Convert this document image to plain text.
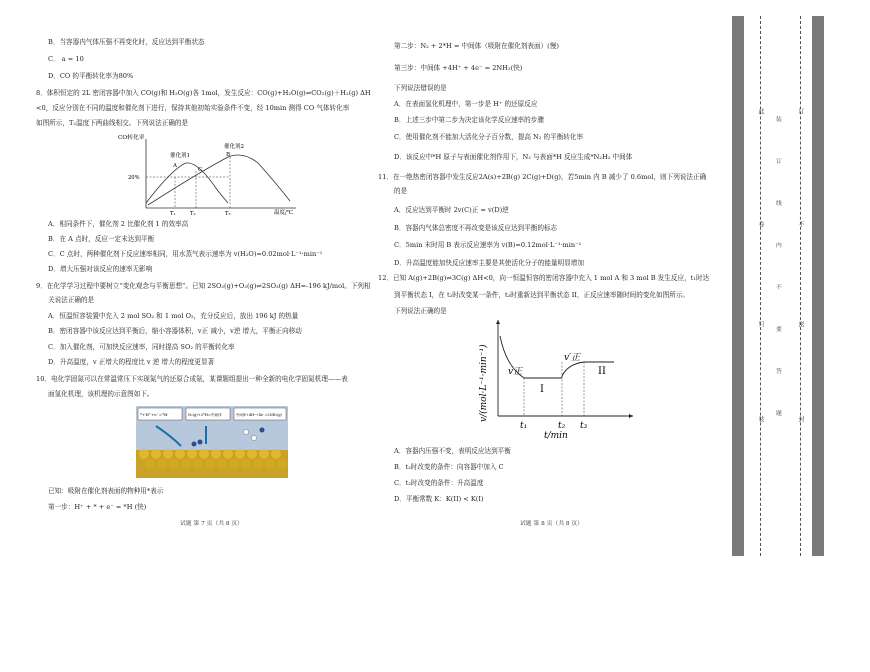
B．当容器内气体压强不再变化时，反应达到平衡状态
C． a = 10
D．CO 的平衡转化率为80%
8．体积恒定的 2L 密闭容器中加入 CO(g)和 H₂O(g)各 1mol，发生反应：CO(g)+H₂O(g)⇌CO₂(g)＋H₂(g) ΔH
<0，反应分别在不同的温度和催化剂下进行，保持其他初始实验条件不变，经 10min 测得 CO 气体转化率
如图所示，T₂温度下两曲线相交。下列说法正确的是
CO转化率
温度/℃
催化剂1
催化剂2
A
B
C
20%
T₁	T₂	T₃
A．相同条件下，催化剂 2 比催化剂 1 的效率高
B．在 A 点时，反应一定未达到平衡
C．C 点时，两种催化剂下反应速率相同，用水蒸气表示速率为 v(H₂O)=0.02mol·L⁻¹·min⁻¹
D．增大压强对该反应的速率无影响
9．在化学学习过程中要树立“变化观念与平衡思想”。已知 2SO₂(g)+O₂(g)⇌2SO₃(g) ΔH=-196 kJ/mol。下列相
关说法正确的是
A．恒温恒容装置中充入 2 mol SO₂ 和 1 mol O₂，充分反应后，放出 196 kJ 的热量
B．密闭容器中该反应达到平衡后，缩小容器体积，v正 减小，v逆 增大，平衡正向移动
C．加入催化剂，可加快反应速率，同时提高 SO₂ 的平衡转化率
D．升高温度，v 正增大的程度比 v 逆 增大的程度更显著
10．电化学固氮可以在常温常压下实现氮气的还原合成氨，某课题组提出一种全新的电化学固氮机理——表
面氢化机理，该机理的示意图如下。
*+H⁺+e⁻=*H	N₂(g)+2*H=中间体	中间体+4H⁺+4e⁻=2NH₃(g)
已知：吸附在催化剂表面的物种用*表示
第一步：H⁺ + * + e⁻ = *H (快)
试题 第 7 页（共 8 页）
第二步：N₂ + 2*H = 中间体（吸附在催化剂表面）(慢)
第三步：中间体 +4H⁺ + 4e⁻ = 2NH₃(快)
下列说法错误的是
A．在表面氢化机理中，第一步是 H⁺ 的还原反应
B．上述三步中第二步为决定该化学反应速率的步骤
C．使用催化剂不能加大活化分子百分数，提高 N₂ 的平衡转化率
D．该反应中*H 原子与表面催化剂作用下，N₂ 与表面*H 反应生成*N₂H₂ 中间体
11．在一绝热密闭容器中发生反应2A(s)+2B(g) 2C(g)+D(g)，若5min 内 B 减少了 0.6mol，则下列说法正确
的是
A．反应达到平衡时 2v(C)正 = v(D)逆
B．容器内气体总密度不再改变是该反应达到平衡的标志
C．5min 末时用 B 表示反应速率为 v(B)=0.12mol·L⁻¹·min⁻¹
D．升高温度能加快反应速率主要是其使活化分子的能量明显增加
12．已知 A(g)+2B(g)⇌3C(g) ΔH<0，向一恒温恒容的密闭容器中充入 1 mol A 和 3 mol B 发生反应，t₁时达
到平衡状态 I，在 t₂时改变某一条件，t₃时重新达到平衡状态 II，正反应速率随时间的变化如图所示。
下列说法正确的是
v/(mol·L⁻¹·min⁻¹)
t/min
v正
v′正
I
II
t₁	t₂ t₃
A．容器内压强不变，表明反应达到平衡
B．t₂时改变的条件：向容器中加入 C
C．t₂时改变的条件：升高温度
D．平衡常数 K：K(II) < K(I)
试题 第 8 页（共 8 页）
此
卷
只
装
订
不
密
封
装
订
线
内
不
要
答
题
